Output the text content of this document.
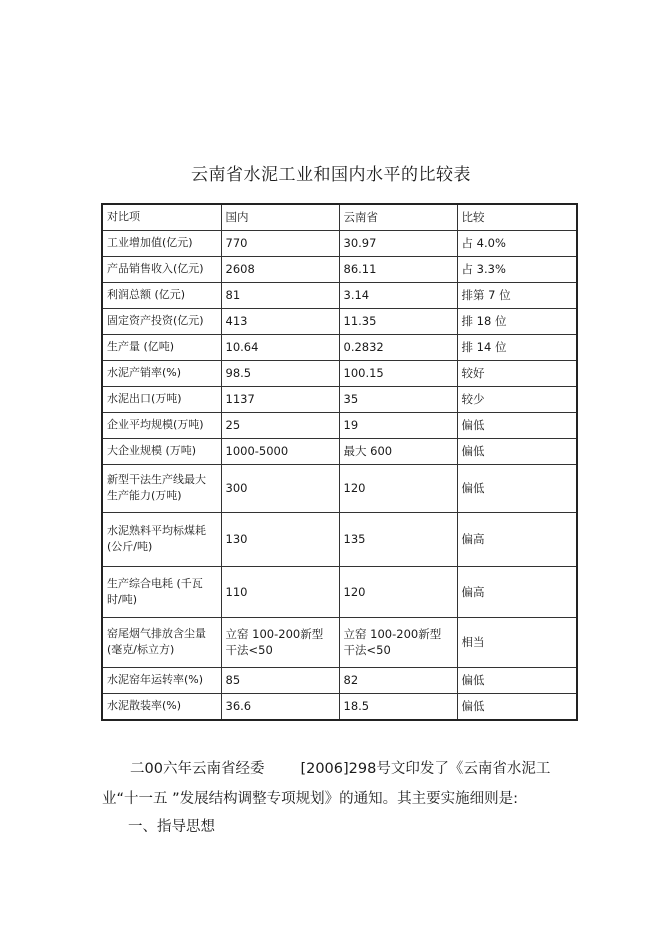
云南省水泥工业和国内水平的比较表
对比项	国内	云南省	比较
工业增加值(亿元)	770	30.97	占 4.0%
产品销售收入(亿元)	2608	86.11	占 3.3%
利润总额 (亿元)	81	3.14	排第 7 位
固定资产投资(亿元)	413	11.35	排 18 位
生产量 (亿吨)	10.64	0.2832	排 14 位
水泥产销率(%)	98.5	100.15	较好
水泥出口(万吨)	1137	35	较少
企业平均规模(万吨)	25	19	偏低
大企业规模 (万吨)	1000-5000	最大 600	偏低
新型干法生产线最大生产能力(万吨)	300	120	偏低
水泥熟料平均标煤耗(公斤/吨)	130	135	偏高
生产综合电耗 (千瓦时/吨)	110	120	偏高
窑尾烟气排放含尘量(毫克/标立方)	立窑 100-200新型干法<50	立窑 100-200新型干法<50	相当
水泥窑年运转率(%)	85	82	偏低
水泥散装率(%)	36.6	18.5	偏低
二00六年云南省经委 [2006]298号文印发了《云南省水泥工业“十一五 ”发展结构调整专项规划》的通知。其主要实施细则是:
一、指导思想
